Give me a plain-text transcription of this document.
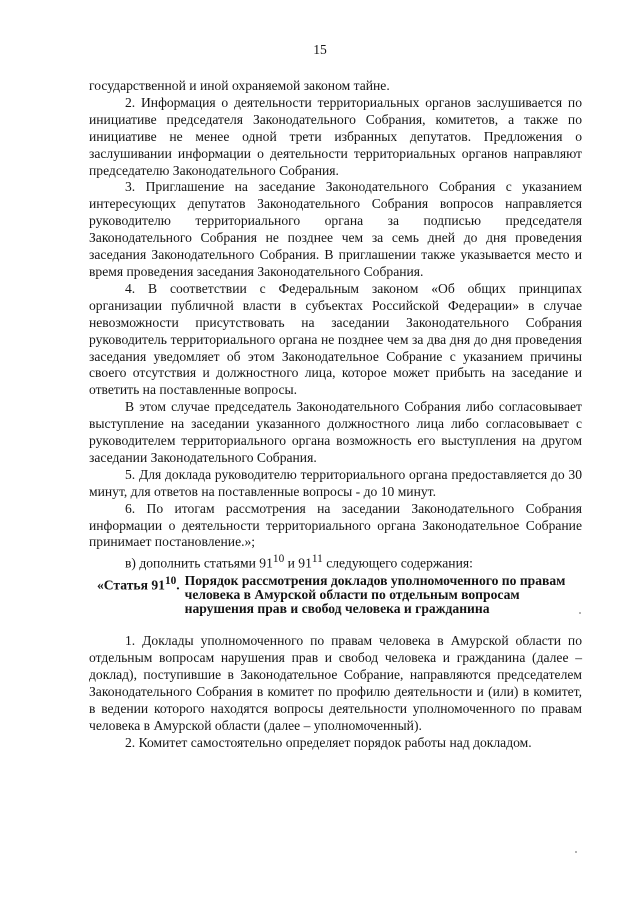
15

государственной и иной охраняемой законом тайне.

2. Информация о деятельности территориальных органов заслушивается по инициативе председателя Законодательного Собрания, комитетов, а также по инициативе не менее одной трети избранных депутатов. Предложения о заслушивании информации о деятельности территориальных органов направляют председателю Законодательного Собрания.

3. Приглашение на заседание Законодательного Собрания с указанием интересующих депутатов Законодательного Собрания вопросов направляется руководителю территориального органа за подписью председателя Законодательного Собрания не позднее чем за семь дней до дня проведения заседания Законодательного Собрания. В приглашении также указывается место и время проведения заседания Законодательного Собрания.

4. В соответствии с Федеральным законом «Об общих принципах организации публичной власти в субъектах Российской Федерации» в случае невозможности присутствовать на заседании Законодательного Собрания руководитель территориального органа не позднее чем за два дня до дня проведения заседания уведомляет об этом Законодательное Собрание с указанием причины своего отсутствия и должностного лица, которое может прибыть на заседание и ответить на поставленные вопросы.

В этом случае председатель Законодательного Собрания либо согласовывает выступление на заседании указанного должностного лица либо согласовывает с руководителем территориального органа возможность его выступления на другом заседании Законодательного Собрания.

5. Для доклада руководителю территориального органа предоставляется до 30 минут, для ответов на поставленные вопросы - до 10 минут.

6. По итогам рассмотрения на заседании Законодательного Собрания информации о деятельности территориального органа Законодательное Собрание принимает постановление.»;

в) дополнить статьями $91^{10}$ и $91^{11}$ следующего содержания:

«Статья $91^{10}$. Порядок рассмотрения докладов уполномоченного по правам человека в Амурской области по отдельным вопросам нарушения прав и свобод человека и гражданина

1. Доклады уполномоченного по правам человека в Амурской области по отдельным вопросам нарушения прав и свобод человека и гражданина (далее – доклад), поступившие в Законодательное Собрание, направляются председателем Законодательного Собрания в комитет по профилю деятельности и (или) в комитет, в ведении которого находятся вопросы деятельности уполномоченного по правам человека в Амурской области (далее – уполномоченный).

2. Комитет самостоятельно определяет порядок работы над докладом.
